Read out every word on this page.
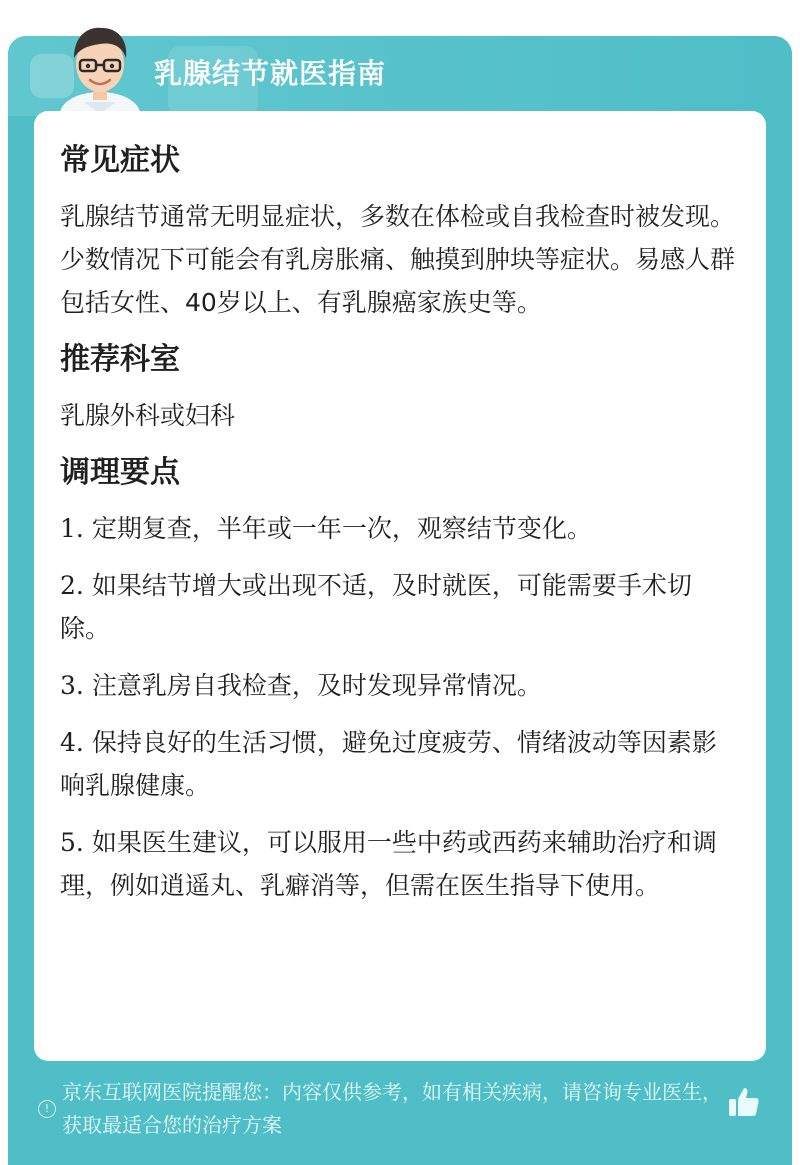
乳腺结节就医指南
常见症状
乳腺结节通常无明显症状，多数在体检或自我检查时被发现。少数情况下可能会有乳房胀痛、触摸到肿块等症状。易感人群包括女性、40岁以上、有乳腺癌家族史等。
推荐科室
乳腺外科或妇科
调理要点
1. 定期复查，半年或一年一次，观察结节变化。
2. 如果结节增大或出现不适，及时就医，可能需要手术切除。
3. 注意乳房自我检查，及时发现异常情况。
4. 保持良好的生活习惯，避免过度疲劳、情绪波动等因素影响乳腺健康。
5. 如果医生建议，可以服用一些中药或西药来辅助治疗和调理，例如逍遥丸、乳癖消等，但需在医生指导下使用。
!
京东互联网医院提醒您：内容仅供参考，如有相关疾病，请咨询专业医生，获取最适合您的治疗方案
